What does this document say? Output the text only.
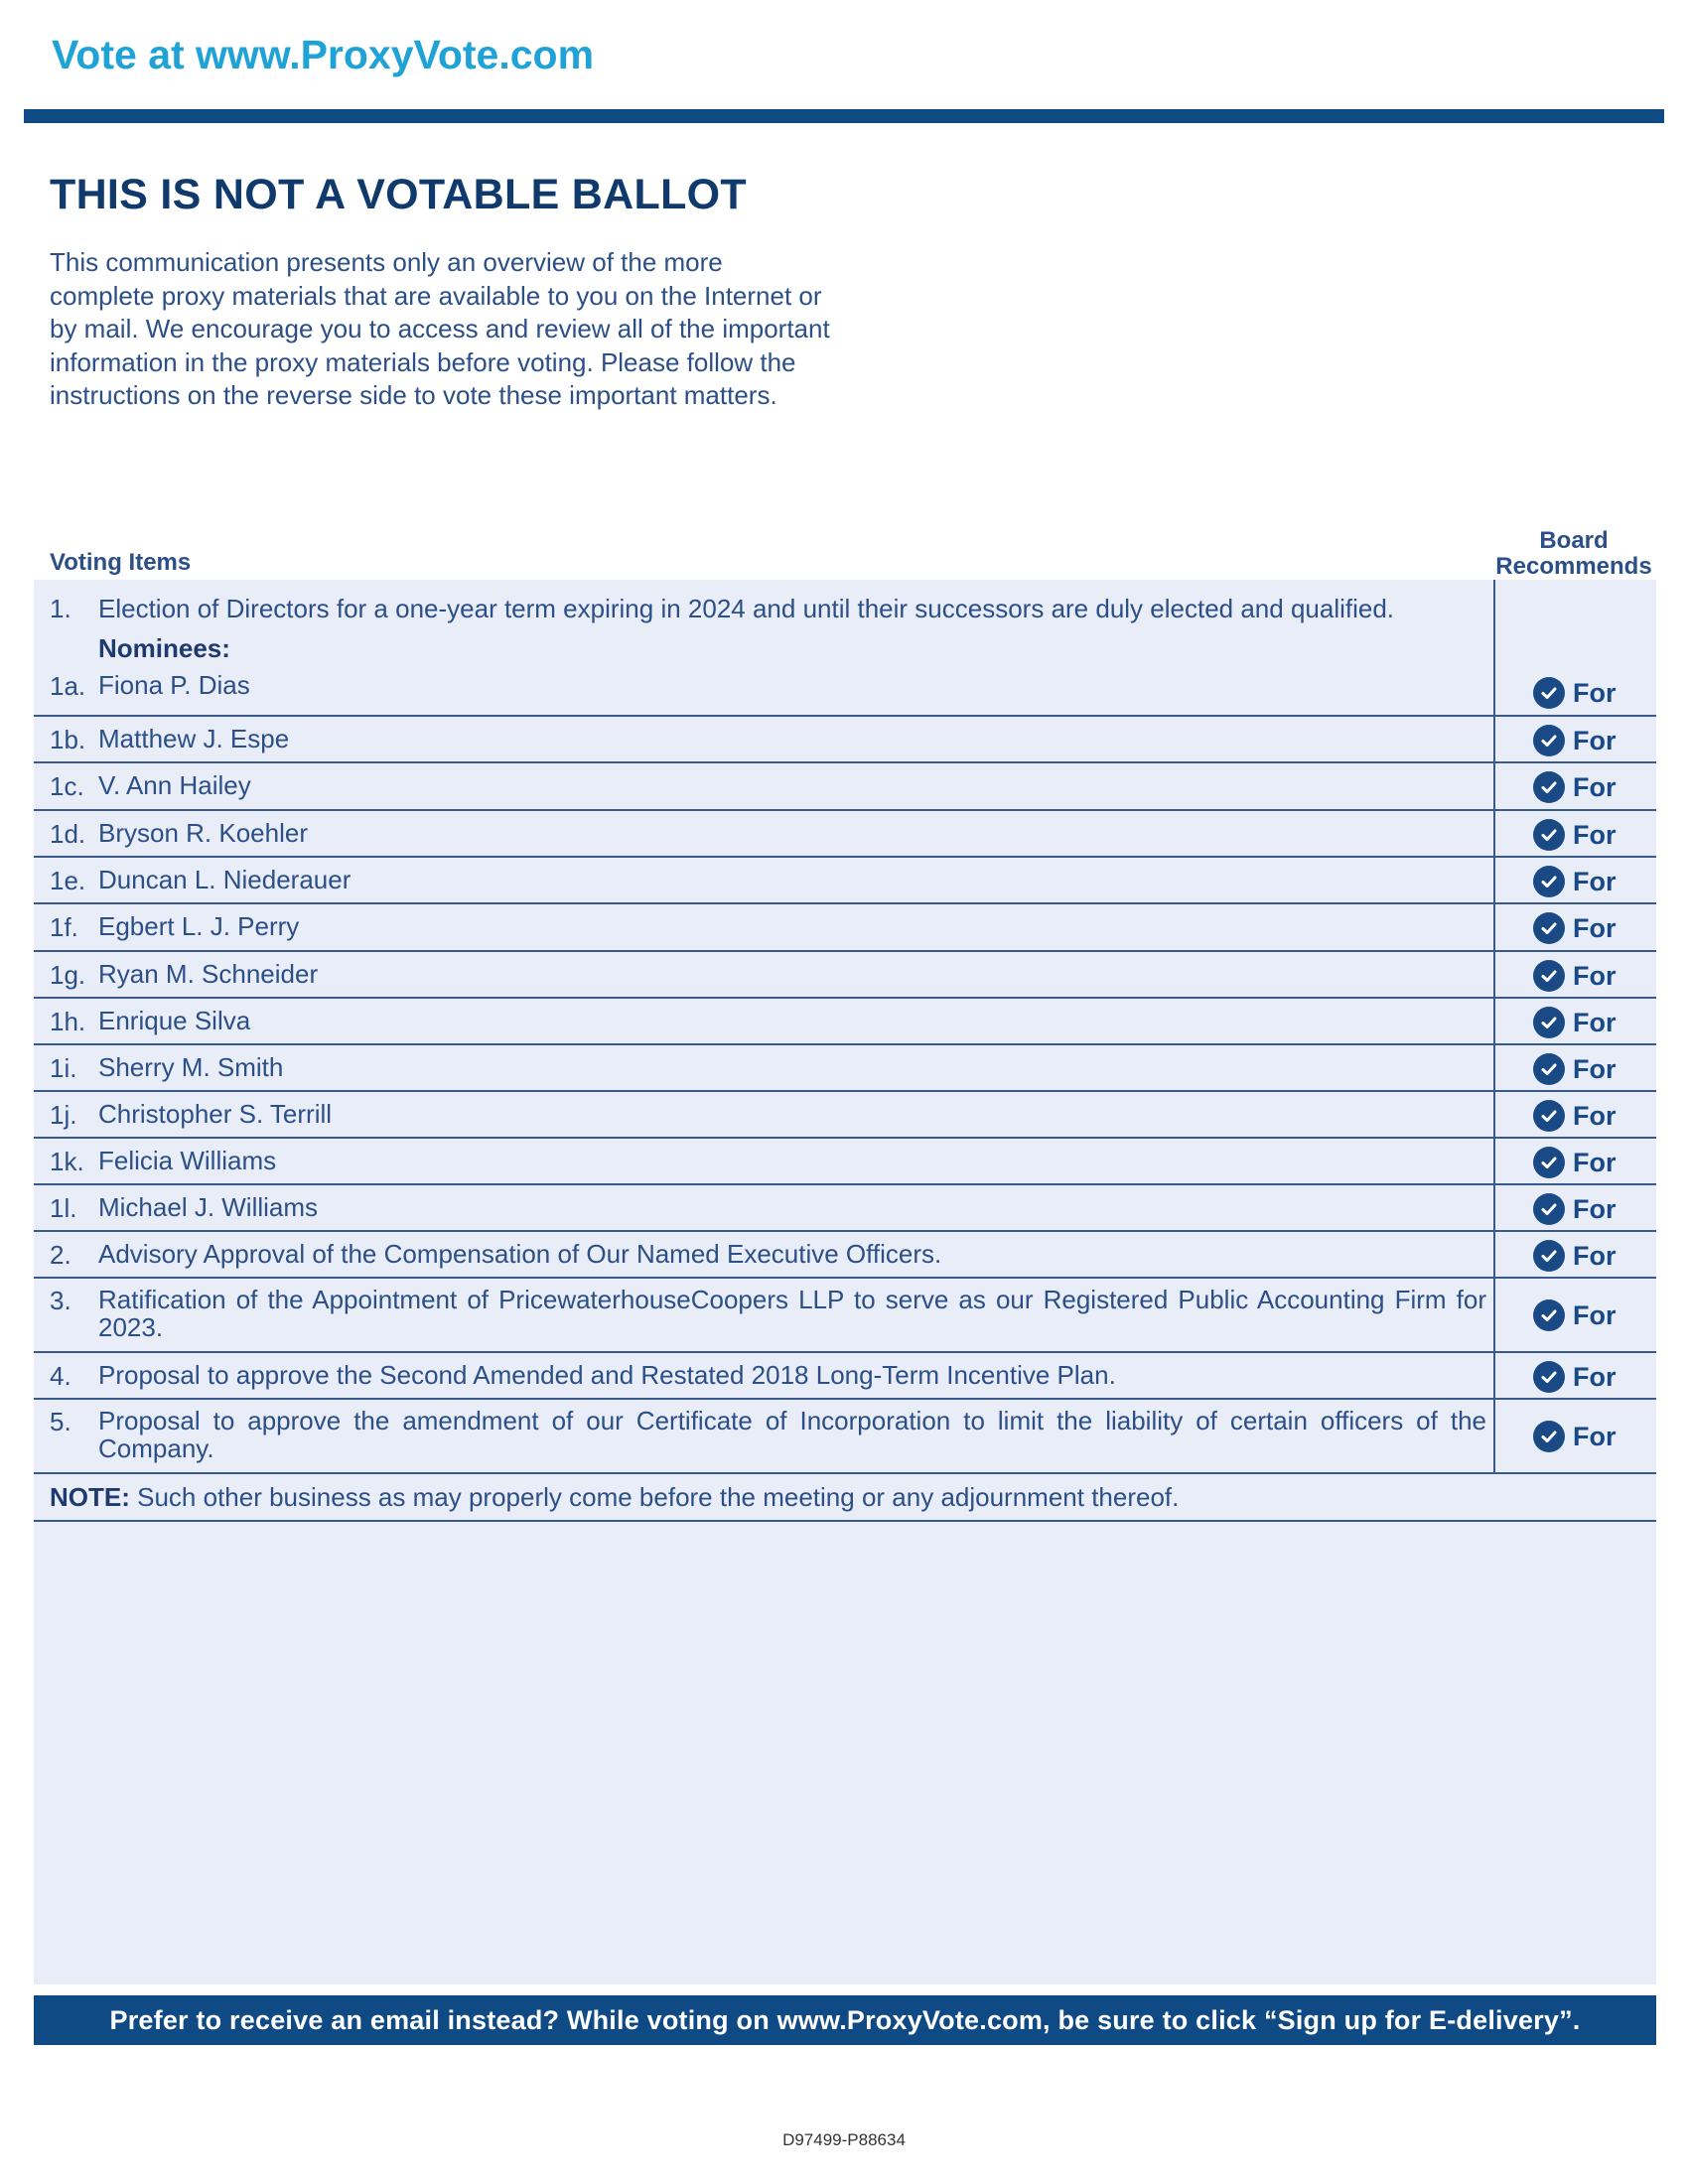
Vote at www.ProxyVote.com
THIS IS NOT A VOTABLE BALLOT
This communication presents only an overview of the more complete proxy materials that are available to you on the Internet or by mail. We encourage you to access and review all of the important information in the proxy materials before voting. Please follow the instructions on the reverse side to vote these important matters.
Voting Items
Board Recommends
1. Election of Directors for a one-year term expiring in 2024 and until their successors are duly elected and qualified.
Nominees:
1a. Fiona P. Dias	For
1b. Matthew J. Espe	For
1c. V. Ann Hailey	For
1d. Bryson R. Koehler	For
1e. Duncan L. Niederauer	For
1f. Egbert L. J. Perry	For
1g. Ryan M. Schneider	For
1h. Enrique Silva	For
1i. Sherry M. Smith	For
1j. Christopher S. Terrill	For
1k. Felicia Williams	For
1l. Michael J. Williams	For
2. Advisory Approval of the Compensation of Our Named Executive Officers.	For
3. Ratification of the Appointment of PricewaterhouseCoopers LLP to serve as our Registered Public Accounting Firm for 2023.	For
4. Proposal to approve the Second Amended and Restated 2018 Long-Term Incentive Plan.	For
5. Proposal to approve the amendment of our Certificate of Incorporation to limit the liability of certain officers of the Company.	For
NOTE: Such other business as may properly come before the meeting or any adjournment thereof.
Prefer to receive an email instead? While voting on www.ProxyVote.com, be sure to click “Sign up for E-delivery”.
D97499-P88634
